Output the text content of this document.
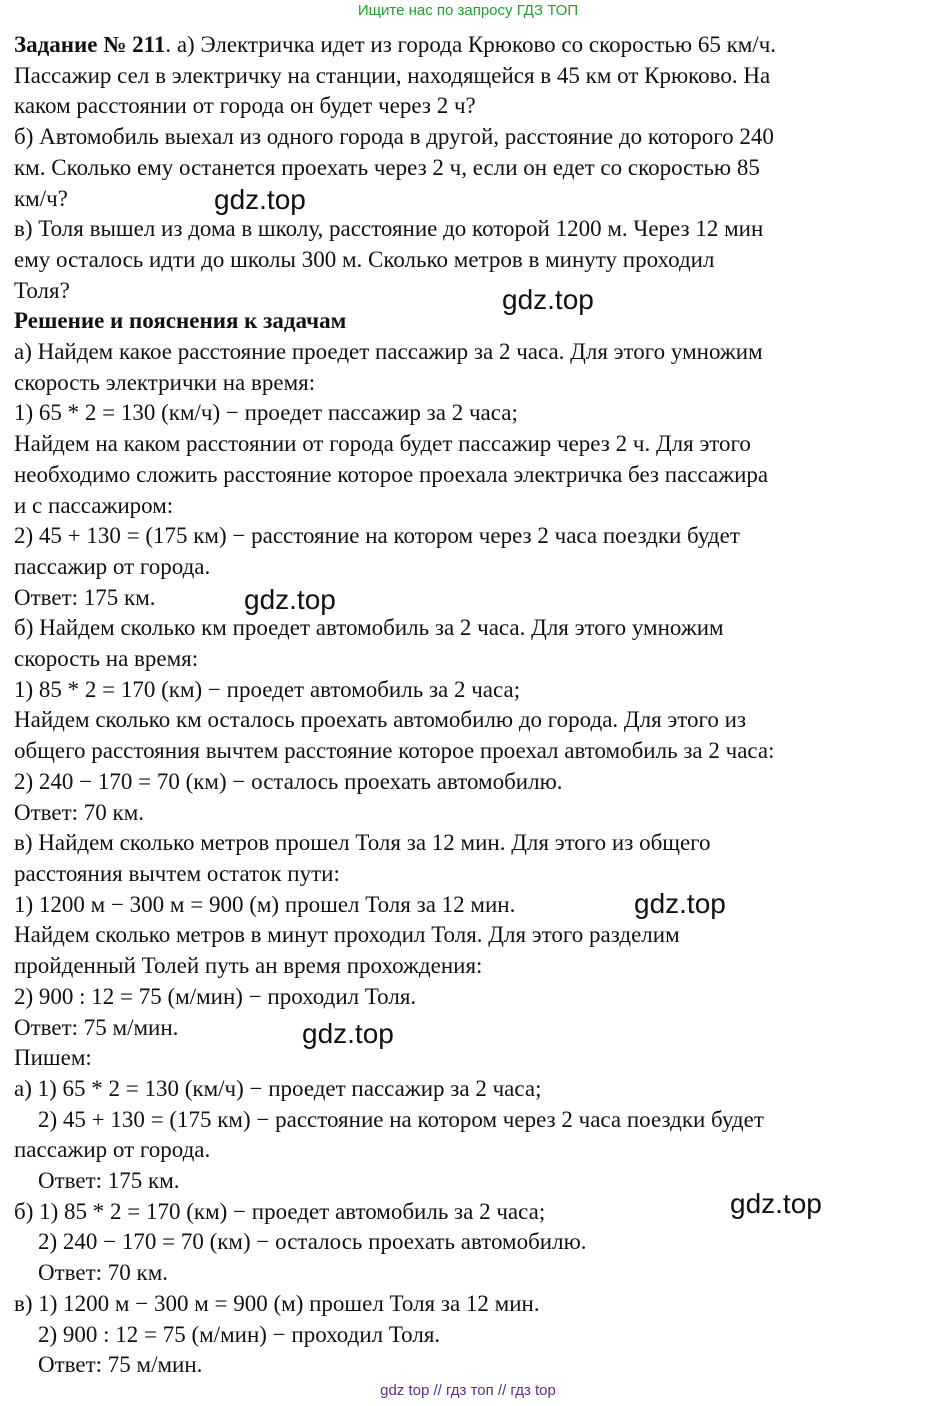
Ищите нас по запросу ГДЗ ТОП

Задание № 211. а) Электричка идет из города Крюково со скоростью 65 км/ч.

Пассажир сел в электричку на станции, находящейся в 45 км от Крюково. На

каком расстоянии от города он будет через 2 ч?

б) Автомобиль выехал из одного города в другой, расстояние до которого 240

км. Сколько ему останется проехать через 2 ч, если он едет со скоростью 85

км/ч?

в) Толя вышел из дома в школу, расстояние до которой 1200 м. Через 12 мин

ему осталось идти до школы 300 м. Сколько метров в минуту проходил

Толя?

Решение и пояснения к задачам

а) Найдем какое расстояние проедет пассажир за 2 часа. Для этого умножим

скорость электрички на время:

1) 65 * 2 = 130 (км/ч) − проедет пассажир за 2 часа;

Найдем на каком расстоянии от города будет пассажир через 2 ч. Для этого

необходимо сложить расстояние которое проехала электричка без пассажира

и с пассажиром:

2) 45 + 130 = (175 км) − расстояние на котором через 2 часа поездки будет

пассажир от города.

Ответ: 175 км.

б) Найдем сколько км проедет автомобиль за 2 часа. Для этого умножим

скорость на время:

1) 85 * 2 = 170 (км) − проедет автомобиль за 2 часа;

Найдем сколько км осталось проехать автомобилю до города. Для этого из

общего расстояния вычтем расстояние которое проехал автомобиль за 2 часа:

2) 240 − 170 = 70 (км) − осталось проехать автомобилю.

Ответ: 70 км.

в) Найдем сколько метров прошел Толя за 12 мин. Для этого из общего

расстояния вычтем остаток пути:

1) 1200 м − 300 м = 900 (м) прошел Толя за 12 мин.

Найдем сколько метров в минут проходил Толя. Для этого разделим

пройденный Толей путь ан время прохождения:

2) 900 : 12 = 75 (м/мин) − проходил Толя.

Ответ: 75 м/мин.

Пишем:

а) 1) 65 * 2 = 130 (км/ч) − проедет пассажир за 2 часа;

2) 45 + 130 = (175 км) − расстояние на котором через 2 часа поездки будет

пассажир от города.

Ответ: 175 км.

б) 1) 85 * 2 = 170 (км) − проедет автомобиль за 2 часа;

2) 240 − 170 = 70 (км) − осталось проехать автомобилю.

Ответ: 70 км.

в) 1) 1200 м − 300 м = 900 (м) прошел Толя за 12 мин.

2) 900 : 12 = 75 (м/мин) − проходил Толя.

Ответ: 75 м/мин.

gdz.top
gdz.top
gdz.top
gdz.top
gdz.top
gdz.top
gdz top // гдз топ // гдз top
